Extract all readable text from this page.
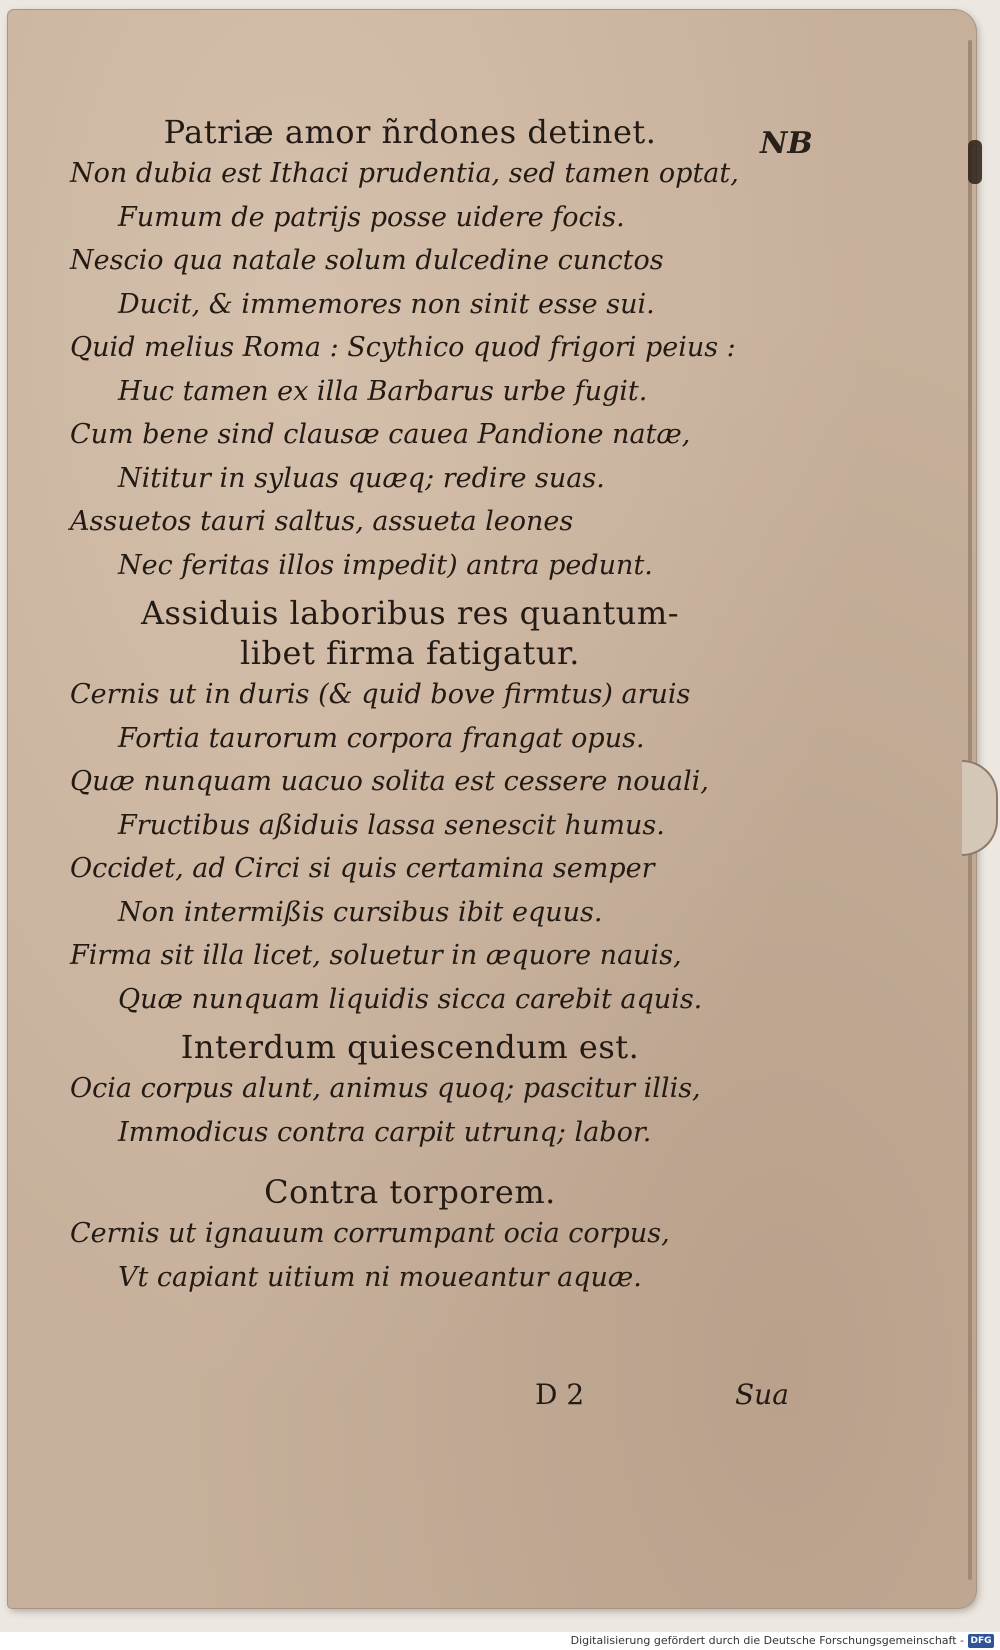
NB

Patriæ amor ñrdones detinet.

Non dubia est Ithaci prudentia, sed tamen optat,

Fumum de patrijs posse uidere focis.

Nescio qua natale solum dulcedine cunctos

Ducit, & immemores non sinit esse sui.

Quid melius Roma : Scythico quod frigori peius :

Huc tamen ex illa Barbarus urbe fugit.

Cum bene sind clausæ cauea Pandione natæ,

Nititur in syluas quæq; redire suas.

Assuetos tauri saltus, assueta leones

Nec feritas illos impedit) antra pedunt.

Assiduis laboribus res quantum-

libet firma fatigatur.

Cernis ut in duris (& quid bove firmtus) aruis

Fortia taurorum corpora frangat opus.

Quæ nunquam uacuo solita est cessere nouali,

Fructibus aßiduis lassa senescit humus.

Occidet, ad Circi si quis certamina semper

Non intermißis cursibus ibit equus.

Firma sit illa licet, soluetur in æquore nauis,

Quæ nunquam liquidis sicca carebit aquis.

Interdum quiescendum est.

Ocia corpus alunt, animus quoq; pascitur illis,

Immodicus contra carpit utrunq; labor.

Contra torporem.

Cernis ut ignauum corrumpant ocia corpus,

Vt capiant uitium ni moueantur aquæ.

D 2	Sua

Digitalisierung gefördert durch die Deutsche Forschungsgemeinschaft - DFG
